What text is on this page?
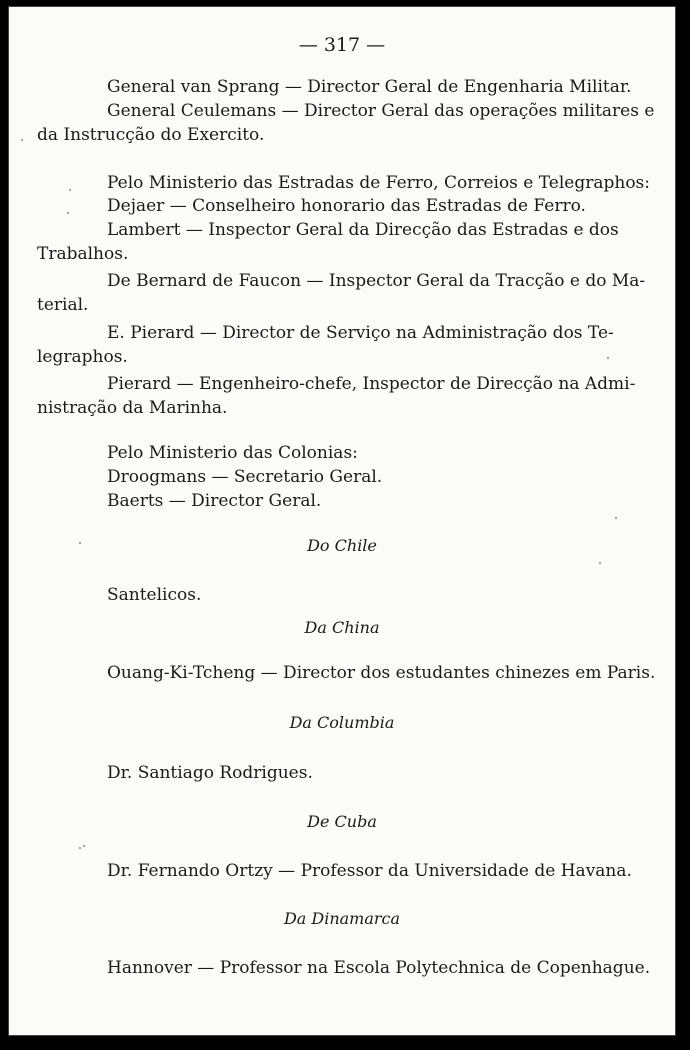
— 317 —
General van Sprang — Director Geral de Engenharia Militar.
General Ceulemans — Director Geral das operações militares e
da Instrucção do Exercito.
Pelo Ministerio das Estradas de Ferro, Correios e Telegraphos:
Dejaer — Conselheiro honorario das Estradas de Ferro.
Lambert — Inspector Geral da Direcção das Estradas e dos
Trabalhos.
De Bernard de Faucon — Inspector Geral da Tracção e do Ma-
terial.
E. Pierard — Director de Serviço na Administração dos Te-
legraphos.
Pierard — Engenheiro-chefe, Inspector de Direcção na Admi-
nistração da Marinha.
Pelo Ministerio das Colonias:
Droogmans — Secretario Geral.
Baerts — Director Geral.
Do Chile
Santelicos.
Da China
Ouang-Ki-Tcheng — Director dos estudantes chinezes em Paris.
Da Columbia
Dr. Santiago Rodrigues.
De Cuba
Dr. Fernando Ortzy — Professor da Universidade de Havana.
Da Dinamarca
Hannover — Professor na Escola Polytechnica de Copenhague.
